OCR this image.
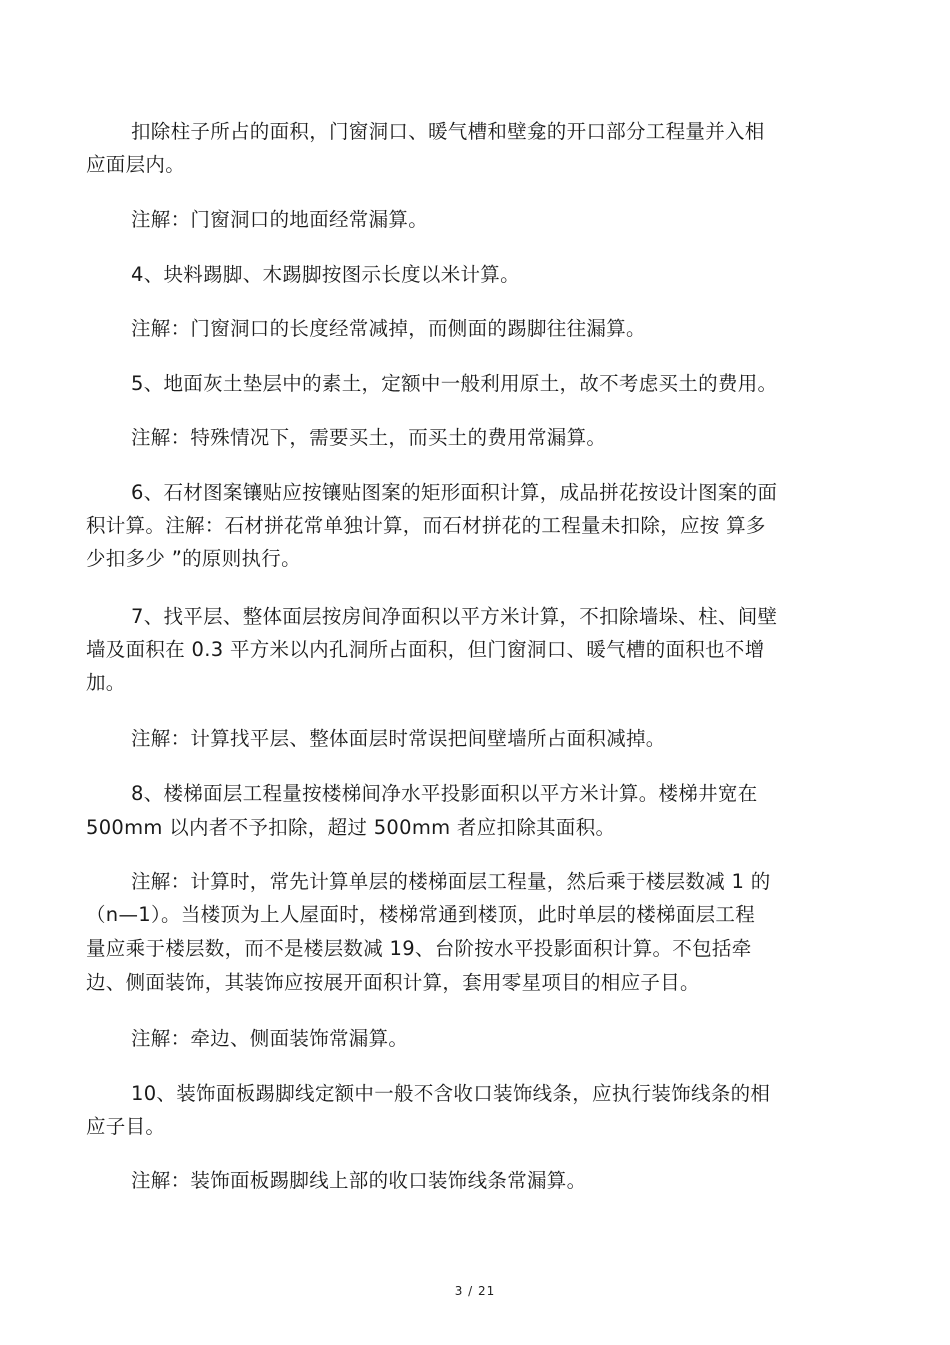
扣除柱子所占的面积，门窗洞口、暖气槽和壁龛的开口部分工程量并入相
应面层内。
注解：门窗洞口的地面经常漏算。
4、块料踢脚、木踢脚按图示长度以米计算。
注解：门窗洞口的长度经常减掉，而侧面的踢脚往往漏算。
5、地面灰土垫层中的素土，定额中一般利用原土，故不考虑买土的费用。
注解：特殊情况下，需要买土，而买土的费用常漏算。
6、石材图案镶贴应按镶贴图案的矩形面积计算，成品拼花按设计图案的面
积计算。注解：石材拼花常单独计算，而石材拼花的工程量未扣除，应按 算多
少扣多少 ”的原则执行。
7、找平层、整体面层按房间净面积以平方米计算，不扣除墙垛、柱、间壁
墙及面积在 0.3 平方米以内孔洞所占面积，但门窗洞口、暖气槽的面积也不增
加。
注解：计算找平层、整体面层时常误把间壁墙所占面积减掉。
8、楼梯面层工程量按楼梯间净水平投影面积以平方米计算。楼梯井宽在
500mm 以内者不予扣除，超过 500mm 者应扣除其面积。
注解：计算时，常先计算单层的楼梯面层工程量，然后乘于楼层数减 1 的
（n—1）。当楼顶为上人屋面时，楼梯常通到楼顶，此时单层的楼梯面层工程
量应乘于楼层数，而不是楼层数减 19、台阶按水平投影面积计算。不包括牵
边、侧面装饰，其装饰应按展开面积计算，套用零星项目的相应子目。
注解：牵边、侧面装饰常漏算。
10、装饰面板踢脚线定额中一般不含收口装饰线条，应执行装饰线条的相
应子目。
注解：装饰面板踢脚线上部的收口装饰线条常漏算。
3 / 21
